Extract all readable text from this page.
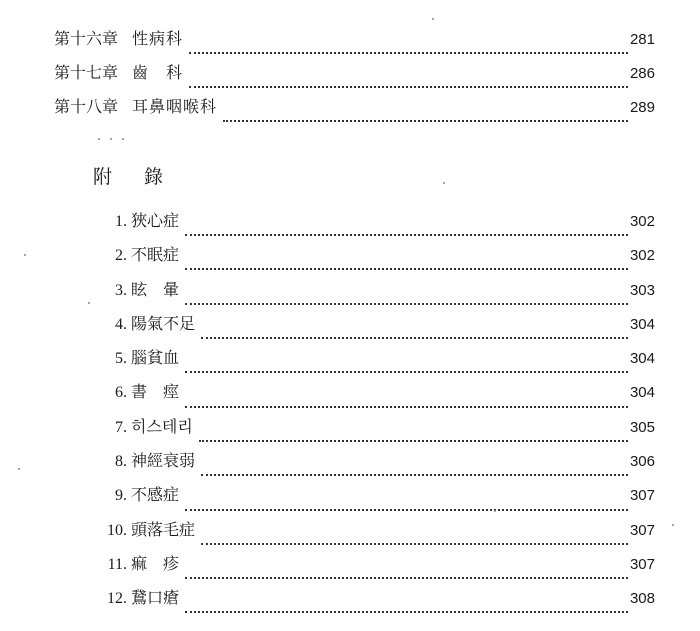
第十六章 性病科	281
第十七章 齒　科	286
第十八章 耳鼻咽喉科	289
附 錄
1. 狹心症	302
2. 不眠症	302
3. 眩　暈	303
4. 陽氣不足	304
5. 腦貧血	304
6. 書　痙	304
7. 히스테리	305
8. 神經衰弱	306
9. 不感症	307
10. 頭落毛症	307
11. 痲　疹	307
12. 鵞口瘡	308
